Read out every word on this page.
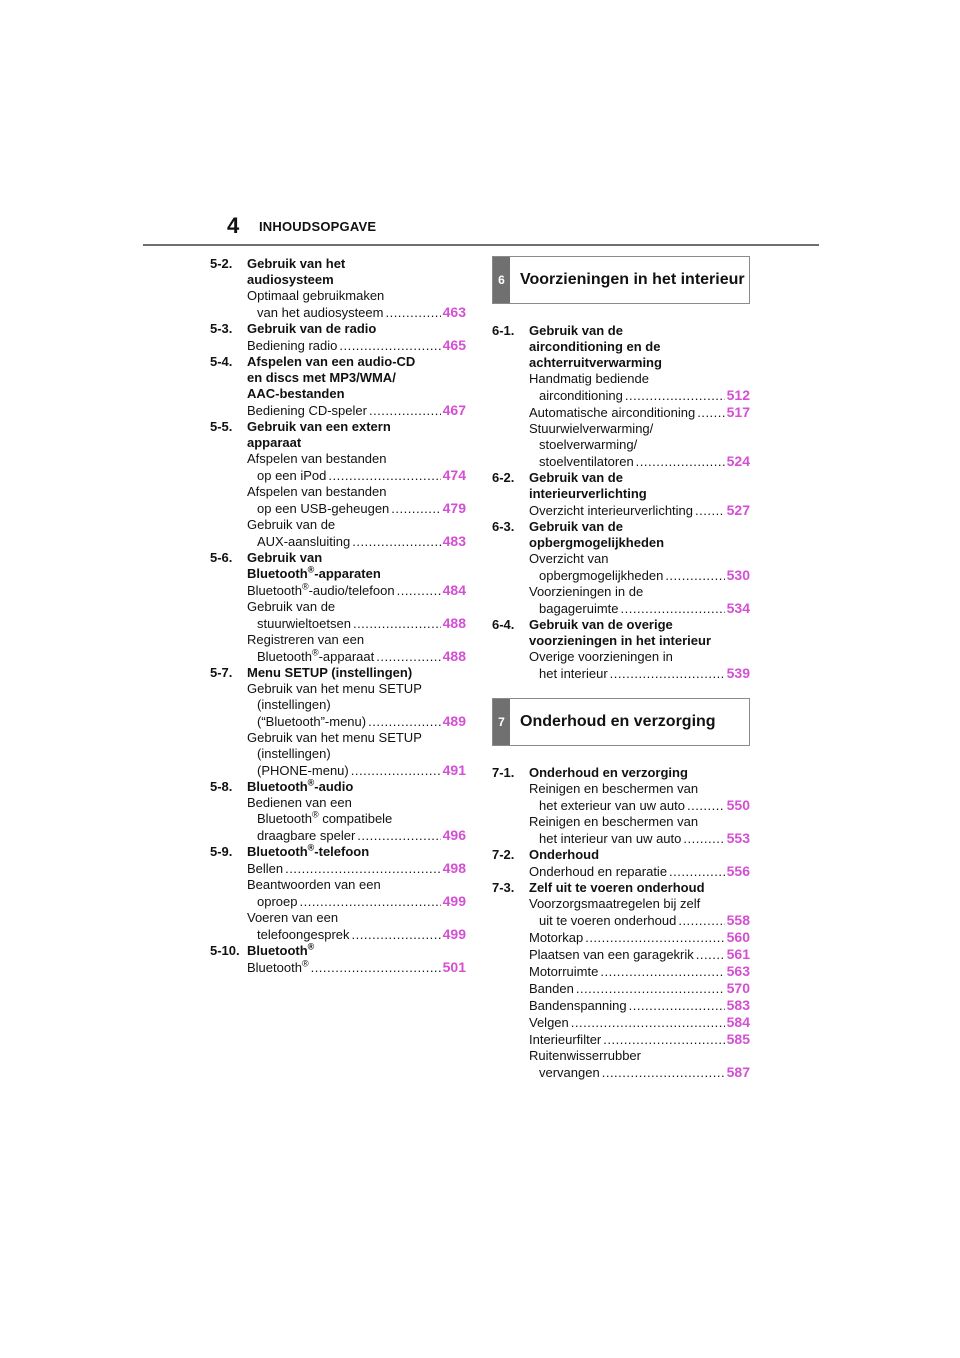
4 INHOUDSOPGAVE
5-2.	Gebruik van het
audiosysteem
Optimaal gebruikmaken
van het audiosysteem .....	463
5-3.	Gebruik van de radio
Bediening radio .....	465
5-4.	Afspelen van een audio-CD
en discs met MP3/WMA/
AAC-bestanden
Bediening CD-speler .....	467
5-5.	Gebruik van een extern
apparaat
Afspelen van bestanden
op een iPod .....	474
Afspelen van bestanden
op een USB-geheugen .....	479
Gebruik van de
AUX-aansluiting .....	483
5-6.	Gebruik van
Bluetooth®-apparaten
Bluetooth®-audio/telefoon .....	484
Gebruik van de
stuurwieltoetsen .....	488
Registreren van een
Bluetooth®-apparaat .....	488
5-7.	Menu SETUP (instellingen)
Gebruik van het menu SETUP
(instellingen)
(“Bluetooth”-menu) .....	489
Gebruik van het menu SETUP
(instellingen)
(PHONE-menu) .....	491
5-8.	Bluetooth®-audio
Bedienen van een
Bluetooth® compatibele
draagbare speler .....	496
5-9.	Bluetooth®-telefoon
Bellen .....	498
Beantwoorden van een
oproep .....	499
Voeren van een
telefoongesprek .....	499
5-10. Bluetooth®
Bluetooth® .....	501
6 Voorzieningen in het interieur
6-1.	Gebruik van de
airconditioning en de
achterruitverwarming
Handmatig bediende
airconditioning .....	512
Automatische airconditioning ..... 517
Stuurwielverwarming/
stoelverwarming/
stoelventilatoren .....	524
6-2.	Gebruik van de
interieurverlichting
Overzicht interieurverlichting ..... 527
6-3.	Gebruik van de
opbergmogelijkheden
Overzicht van
opbergmogelijkheden .....	530
Voorzieningen in de
bagageruimte .....	534
6-4.	Gebruik van de overige
voorzieningen in het interieur
Overige voorzieningen in
het interieur .....	539
7 Onderhoud en verzorging
7-1.	Onderhoud en verzorging
Reinigen en beschermen van
het exterieur van uw auto .....	550
Reinigen en beschermen van
het interieur van uw auto .....	553
7-2.	Onderhoud
Onderhoud en reparatie .....	556
7-3.	Zelf uit te voeren onderhoud
Voorzorgsmaatregelen bij zelf
uit te voeren onderhoud .....	558
Motorkap .....	560
Plaatsen van een garagekrik ..... 561
Motorruimte .....	563
Banden .....	570
Bandenspanning .....	583
Velgen .....	584
Interieurfilter .....	585
Ruitenwisserrubber
vervangen .....	587
